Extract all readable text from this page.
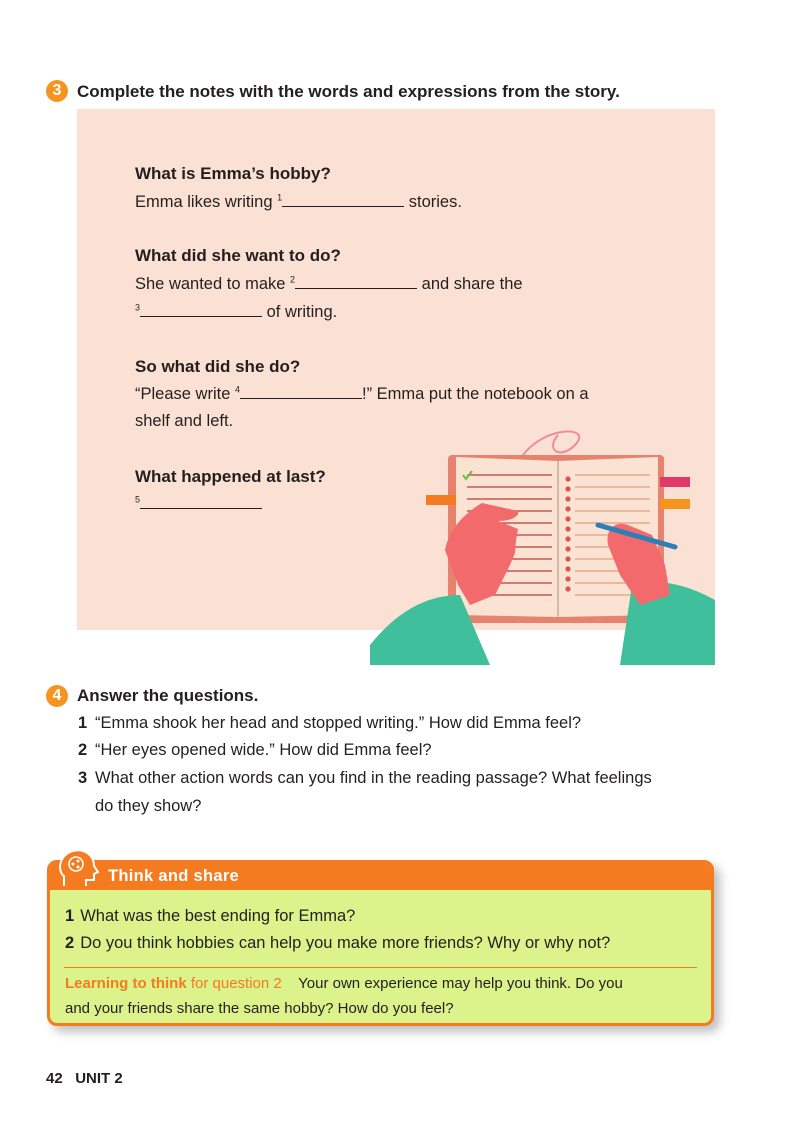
3 Complete the notes with the words and expressions from the story.
What is Emma’s hobby?
Emma likes writing $^1$	stories.
What did she want to do?
She wanted to make $^2$	and share the
$^3$	of writing.
So what did she do?
“Please write $^4$	!” Emma put the notebook on a
shelf and left.
What happened at last?
$^5$
4 Answer the questions.
1 “Emma shook her head and stopped writing.” How did Emma feel?
2 “Her eyes opened wide.” How did Emma feel?
3 What other action words can you find in the reading passage? What feelings
do they show?
Think and share
1 What was the best ending for Emma?
2 Do you think hobbies can help you make more friends? Why or why not?
Learning to think for question 2 Your own experience may help you think. Do you
and your friends share the same hobby? How do you feel?
42 UNIT 2
